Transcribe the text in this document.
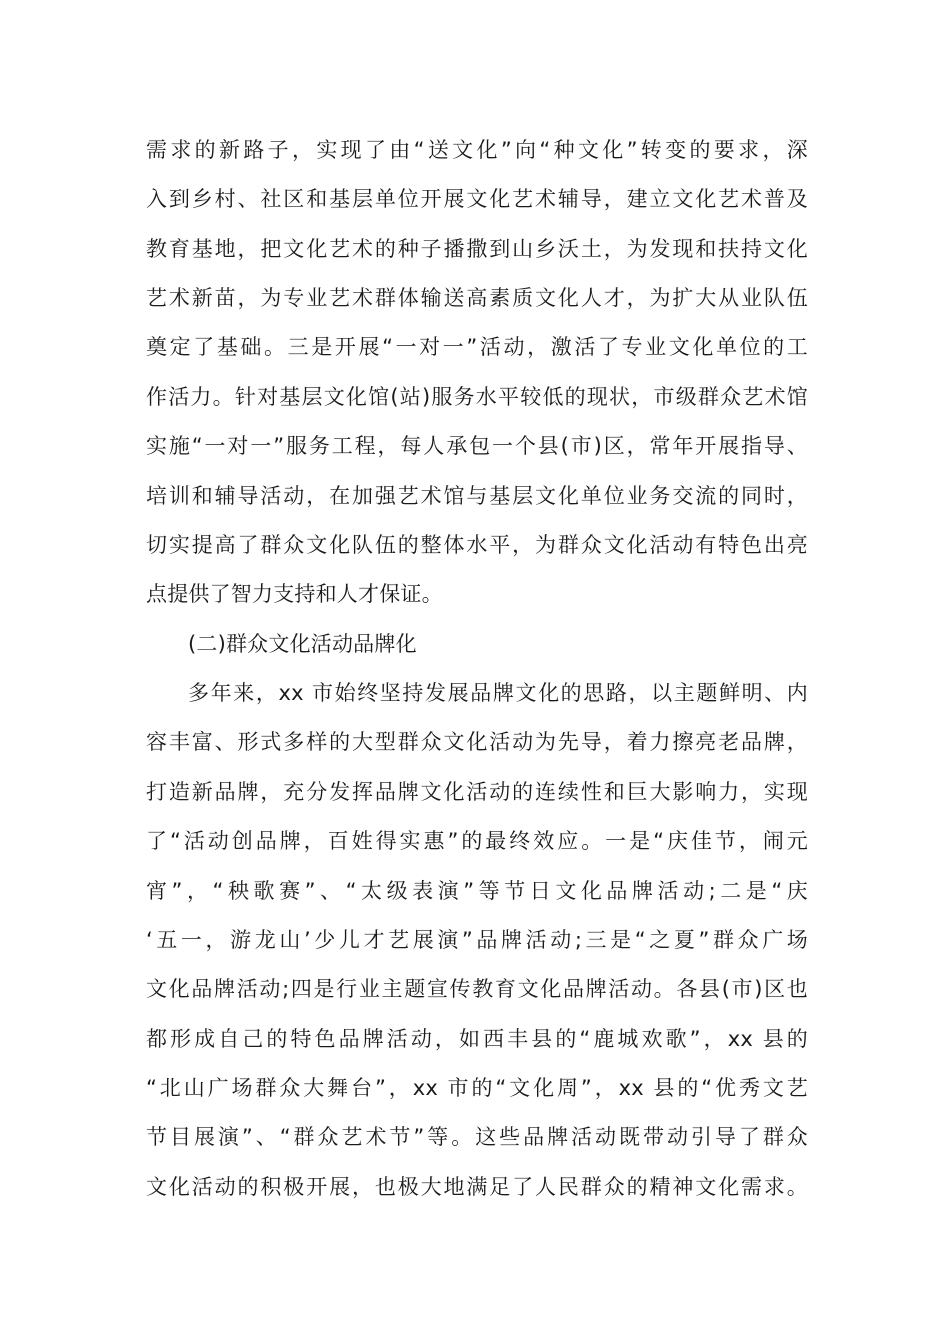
需求的新路子，实现了由“送文化”向“种文化”转变的要求，深
入到乡村、社区和基层单位开展文化艺术辅导，建立文化艺术普及
教育基地，把文化艺术的种子播撒到山乡沃土，为发现和扶持文化
艺术新苗，为专业艺术群体输送高素质文化人才，为扩大从业队伍
奠定了基础。三是开展“一对一”活动，激活了专业文化单位的工
作活力。针对基层文化馆(站)服务水平较低的现状，市级群众艺术馆
实施“一对一”服务工程，每人承包一个县(市)区，常年开展指导、
培训和辅导活动，在加强艺术馆与基层文化单位业务交流的同时，
切实提高了群众文化队伍的整体水平，为群众文化活动有特色出亮
点提供了智力支持和人才保证。
(二)群众文化活动品牌化
多年来，xx 市始终坚持发展品牌文化的思路，以主题鲜明、内
容丰富、形式多样的大型群众文化活动为先导，着力擦亮老品牌，
打造新品牌，充分发挥品牌文化活动的连续性和巨大影响力，实现
了“活动创品牌，百姓得实惠”的最终效应。一是“庆佳节，闹元
宵”，“秧歌赛”、“太级表演”等节日文化品牌活动;二是“庆
‘五一，游龙山’少儿才艺展演”品牌活动;三是“之夏”群众广场
文化品牌活动;四是行业主题宣传教育文化品牌活动。各县(市)区也
都形成自己的特色品牌活动，如西丰县的“鹿城欢歌”，xx 县的
“北山广场群众大舞台”，xx 市的“文化周”，xx 县的“优秀文艺
节目展演”、“群众艺术节”等。这些品牌活动既带动引导了群众
文化活动的积极开展，也极大地满足了人民群众的精神文化需求。
